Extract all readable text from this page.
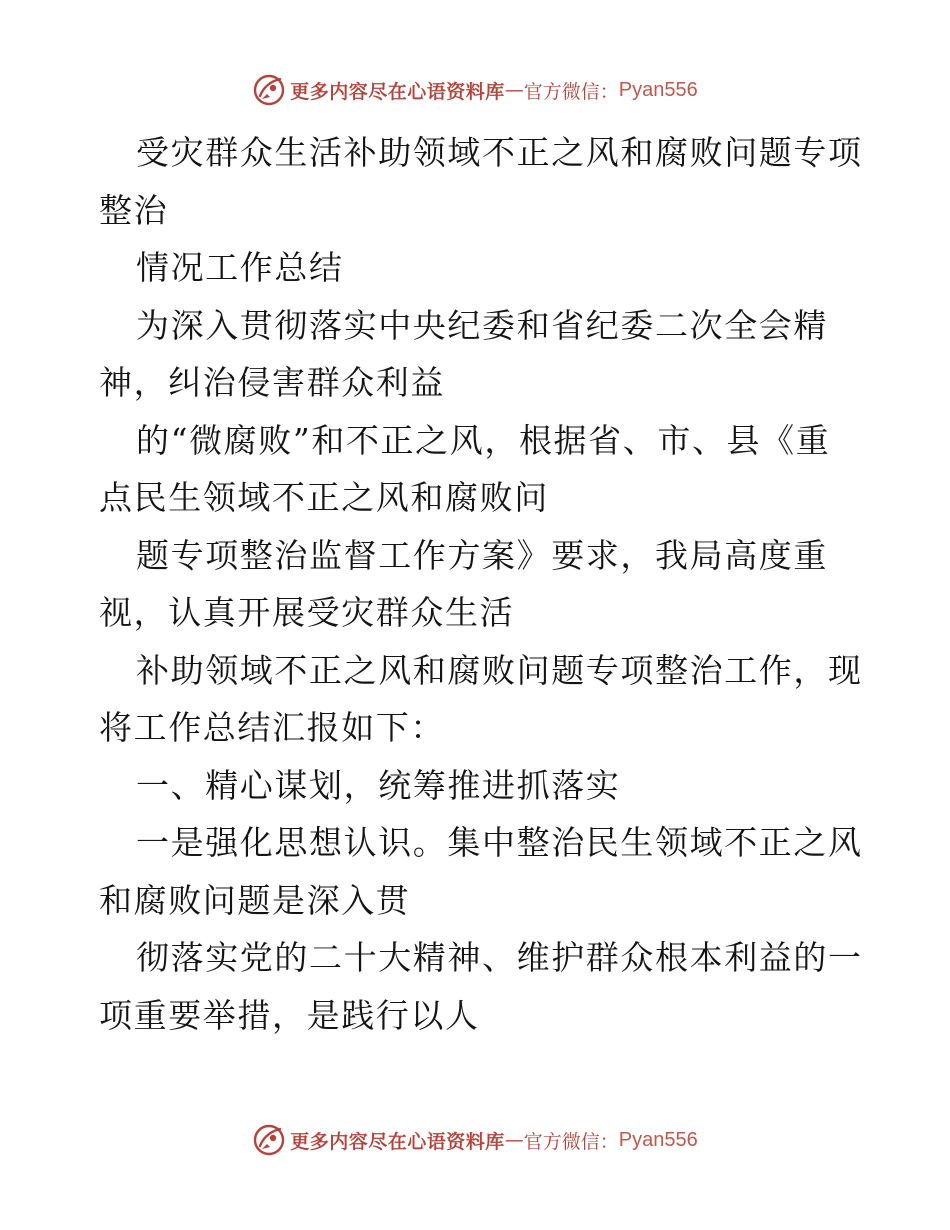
更多内容尽在心语资料库 — 官方微信： Pyan556
受灾群众生活补助领域不正之风和腐败问题专项
整治
情况工作总结
为深入贯彻落实中央纪委和省纪委二次全会精
神，纠治侵害群众利益
的“微腐败”和不正之风，根据省、市、县《重
点民生领域不正之风和腐败问
题专项整治监督工作方案》要求，我局高度重
视，认真开展受灾群众生活
补助领域不正之风和腐败问题专项整治工作，现
将工作总结汇报如下：
一、精心谋划，统筹推进抓落实
一是强化思想认识。集中整治民生领域不正之风
和腐败问题是深入贯
彻落实党的二十大精神、维护群众根本利益的一
项重要举措，是践行以人
更多内容尽在心语资料库 — 官方微信： Pyan556
